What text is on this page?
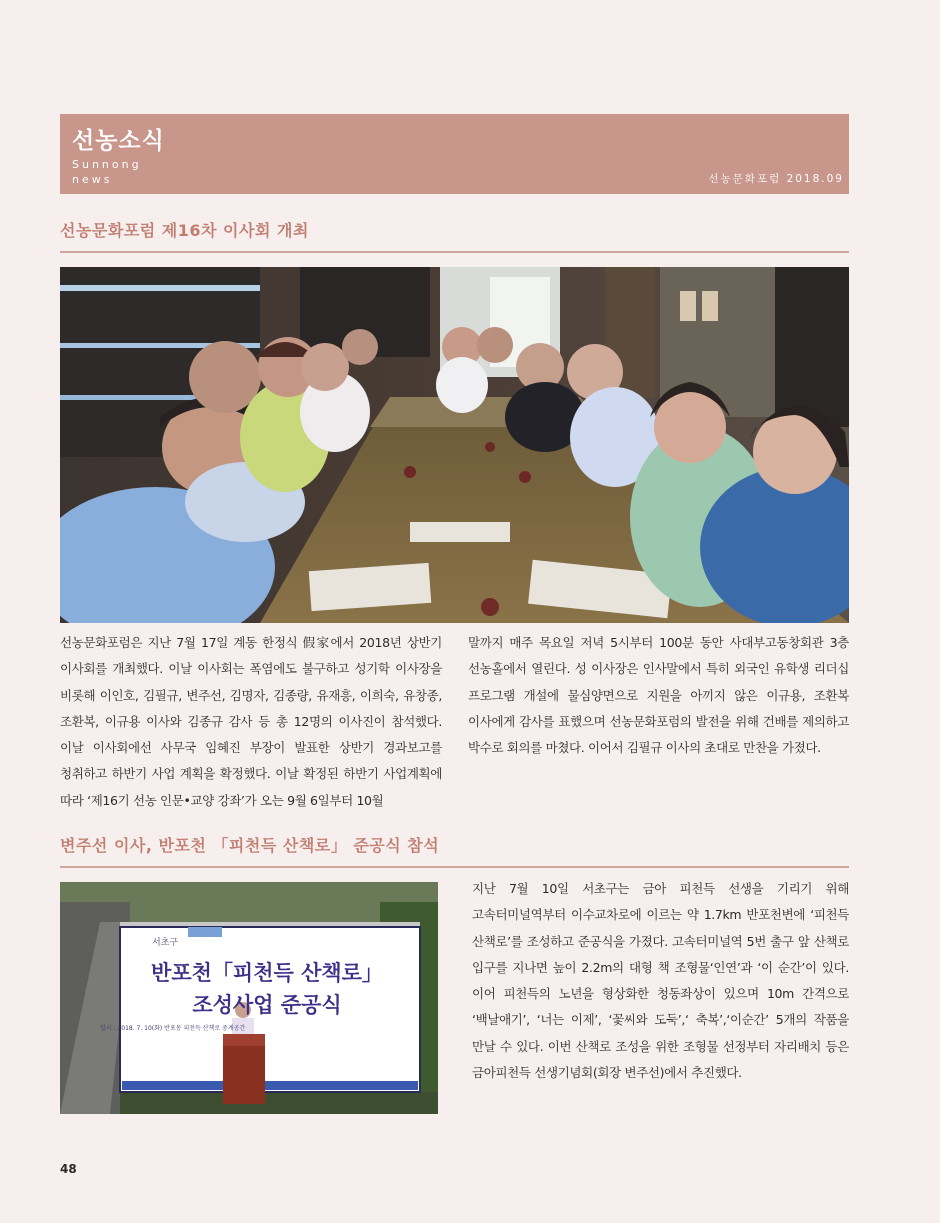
선농소식
Sunnong
news	선농문화포럼 2018.09
선농문화포럼 제16차 이사회 개최
선농문화포럼은 지난 7월 17일 계동 한정식 假家에서 2018년 상반기 이사회를 개최했다. 이날 이사회는 폭염에도 불구하고 성기학 이사장을 비롯해 이인호, 김필규, 변주선, 김명자, 김종량, 유재흥, 이희숙, 유창종, 조환복, 이규용 이사와 김종규 감사 등 총 12명의 이사진이 참석했다. 이날 이사회에선 사무국 임혜진 부장이 발표한 상반기 경과보고를 청취하고 하반기 사업 계획을 확정했다. 이날 확정된 하반기 사업계획에 따라 ‘제16기 선농 인문•교양 강좌’가 오는 9월 6일부터 10월
말까지 매주 목요일 저녁 5시부터 100분 동안 사대부고동창회관 3층 선농홀에서 열린다. 성 이사장은 인사말에서 특히 외국인 유학생 리더십 프로그램 개설에 물심양면으로 지원을 아끼지 않은 이규용, 조환복 이사에게 감사를 표했으며 선농문화포럼의 발전을 위해 건배를 제의하고 박수로 회의를 마쳤다. 이어서 김필규 이사의 초대로 만찬을 가졌다.
변주선 이사, 반포천 「피천득 산책로」 준공식 참석
서초구
반포천「피천득 산책로」
조성사업 준공식
일시 : 2018. 7. 10(화) 반포동 피천득 산책로 중계공간
지난 7월 10일 서초구는 금아 피천득 선생을 기리기 위해 고속터미널역부터 이수교차로에 이르는 약 1.7km 반포천변에 ‘피천득 산책로’를 조성하고 준공식을 가졌다. 고속터미널역 5번 출구 앞 산책로 입구를 지나면 높이 2.2m의 대형 책 조형물‘인연’과 ‘이 순간’이 있다. 이어 피천득의 노년을 형상화한 청동좌상이 있으며 10m 간격으로 ‘백날애기’, ‘너는 이제’, ‘꽃씨와 도둑’,‘ 축복’,‘이순간’ 5개의 작품을 만날 수 있다. 이번 산책로 조성을 위한 조형물 선정부터 자리배치 등은 금아피천득 선생기념회(회장 변주선)에서 추진했다.
48
